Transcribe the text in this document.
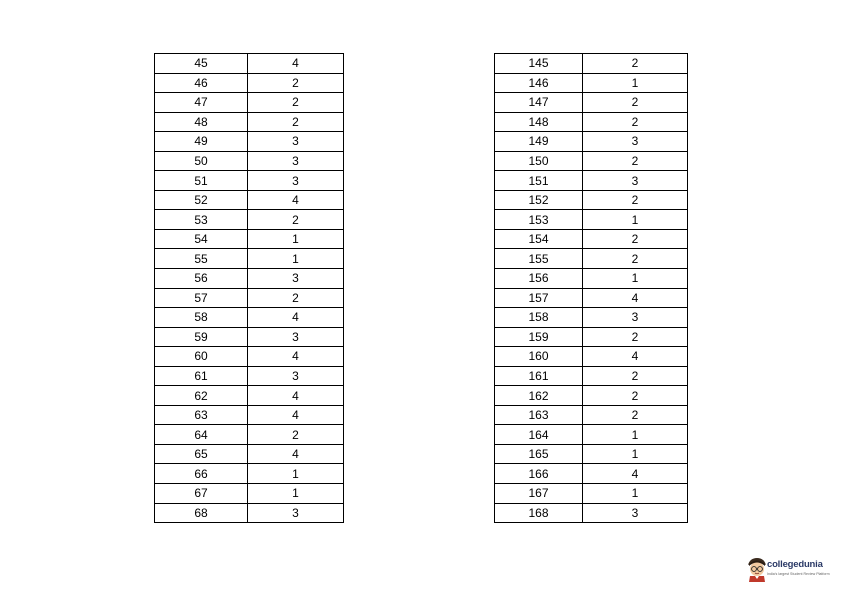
45	4
46	2
47	2
48	2
49	3
50	3
51	3
52	4
53	2
54	1
55	1
56	3
57	2
58	4
59	3
60	4
61	3
62	4
63	4
64	2
65	4
66	1
67	1
68	3
145	2
146	1
147	2
148	2
149	3
150	2
151	3
152	2
153	1
154	2
155	2
156	1
157	4
158	3
159	2
160	4
161	2
162	2
163	2
164	1
165	1
166	4
167	1
168	3
collegedunia
India's largest Student Review Platform
